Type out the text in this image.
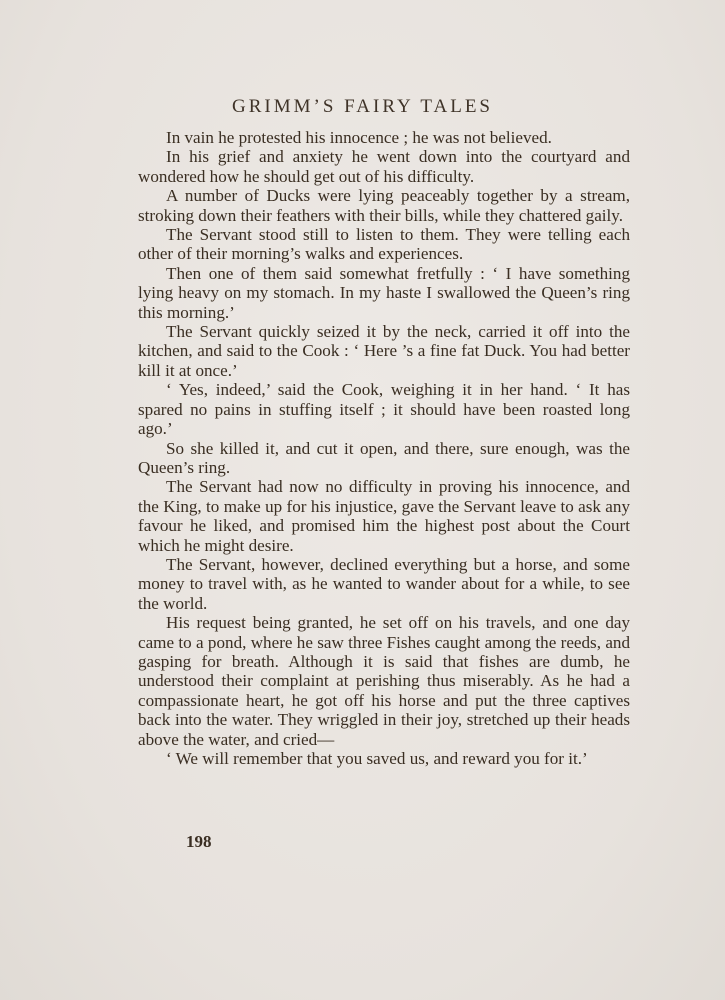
GRIMM’S FAIRY TALES

In vain he protested his innocence ; he was not believed.

In his grief and anxiety he went down into the courtyard and wondered how he should get out of his difficulty.

A number of Ducks were lying peaceably together by a stream, stroking down their feathers with their bills, while they chattered gaily.

The Servant stood still to listen to them. They were telling each other of their morning’s walks and experiences.

Then one of them said somewhat fretfully : ‘ I have something lying heavy on my stomach. In my haste I swallowed the Queen’s ring this morning.’

The Servant quickly seized it by the neck, carried it off into the kitchen, and said to the Cook : ‘ Here ’s a fine fat Duck. You had better kill it at once.’

‘ Yes, indeed,’ said the Cook, weighing it in her hand. ‘ It has spared no pains in stuffing itself ; it should have been roasted long ago.’

So she killed it, and cut it open, and there, sure enough, was the Queen’s ring.

The Servant had now no difficulty in proving his innocence, and the King, to make up for his injustice, gave the Servant leave to ask any favour he liked, and promised him the highest post about the Court which he might desire.

The Servant, however, declined everything but a horse, and some money to travel with, as he wanted to wander about for a while, to see the world.

His request being granted, he set off on his travels, and one day came to a pond, where he saw three Fishes caught among the reeds, and gasping for breath. Although it is said that fishes are dumb, he understood their complaint at perishing thus miserably. As he had a compassionate heart, he got off his horse and put the three captives back into the water. They wriggled in their joy, stretched up their heads above the water, and cried—

‘ We will remember that you saved us, and reward you for it.’

198
